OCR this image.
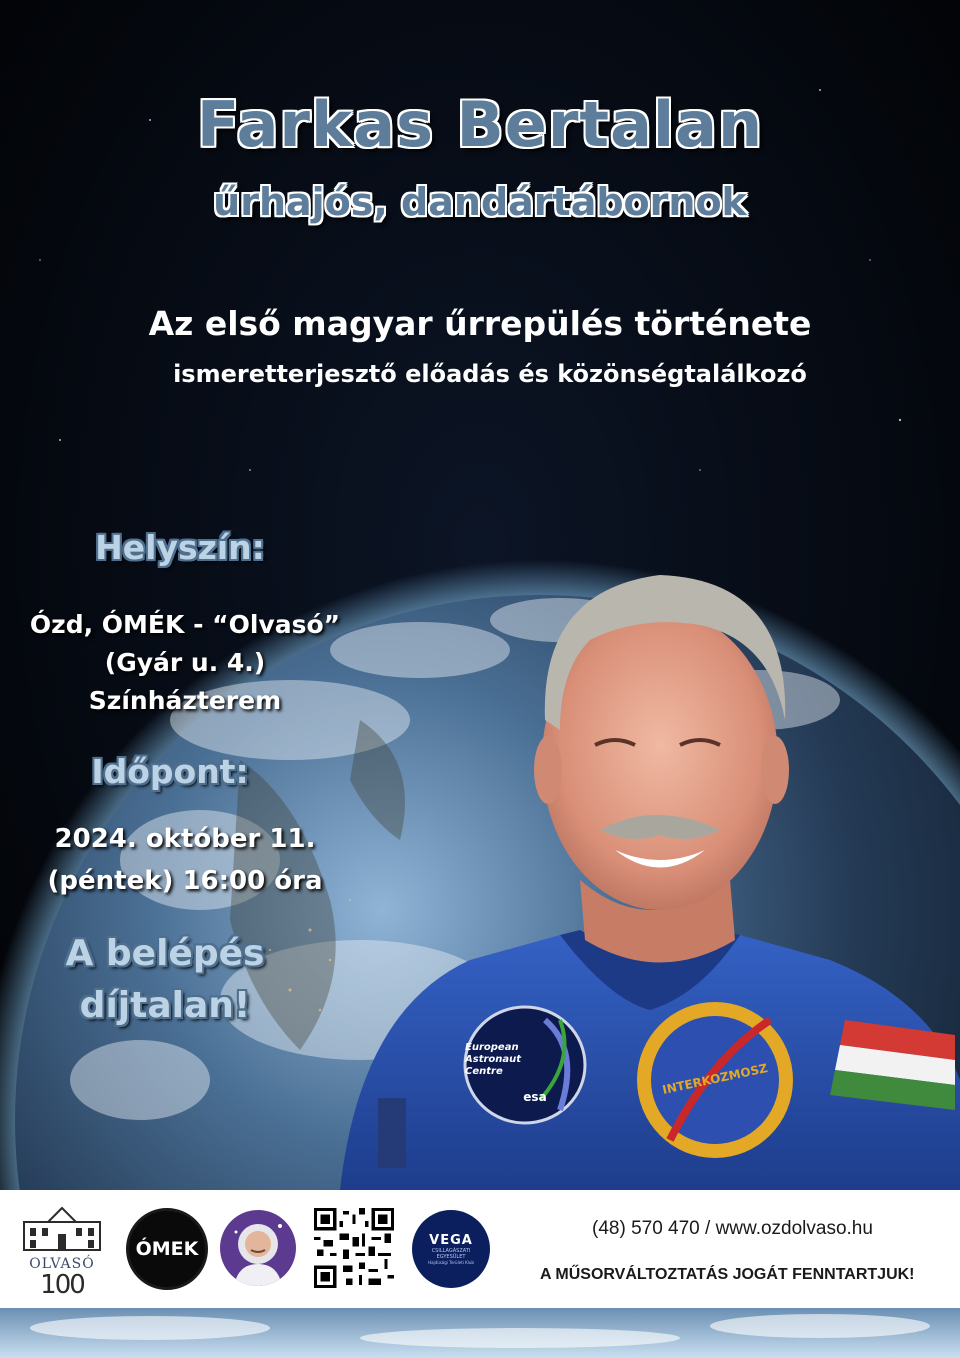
European
Astronaut
Centre
esa
INTERKOZMOSZ
Farkas Bertalan
űrhajós, dandártábornok
Az első magyar űrrepülés története
ismeretterjesztő előadás és közönségtalálkozó
Helyszín:
Ózd, ÓMÉK - “Olvasó”
(Gyár u. 4.)
Színházterem
Időpont:
2024. október 11.
(péntek) 16:00 óra
A belépés
díjtalan!
OLVASÓ
100
ÓMEK	VEGA
CSILLAGÁSZATI
EGYESÜLET
Hajdúsági Területi Klub
(48) 570 470 / www.ozdolvaso.hu
A MŰSORVÁLTOZTATÁS JOGÁT FENNTARTJUK!
